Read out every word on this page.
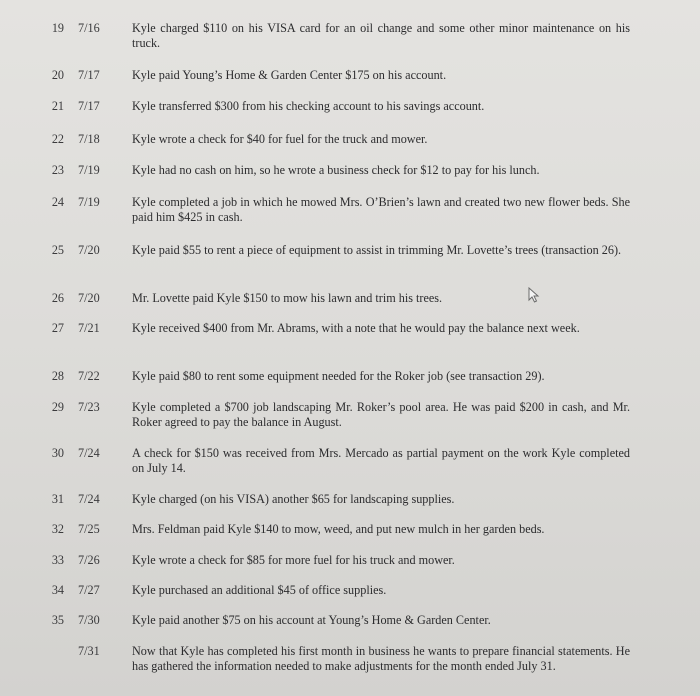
19 7/16	Kyle charged $110 on his VISA card for an oil change and some other minor maintenance on his truck.
20 7/17	Kyle paid Young’s Home & Garden Center $175 on his account.
21 7/17	Kyle transferred $300 from his checking account to his savings account.
22 7/18	Kyle wrote a check for $40 for fuel for the truck and mower.
23 7/19	Kyle had no cash on him, so he wrote a business check for $12 to pay for his lunch.
24 7/19	Kyle completed a job in which he mowed Mrs. O’Brien’s lawn and created two new flower beds. She paid him $425 in cash.
25 7/20	Kyle paid $55 to rent a piece of equipment to assist in trimming Mr. Lovette’s trees (transaction 26).
26 7/20	Mr. Lovette paid Kyle $150 to mow his lawn and trim his trees.
27 7/21	Kyle received $400 from Mr. Abrams, with a note that he would pay the balance next week.
28 7/22	Kyle paid $80 to rent some equipment needed for the Roker job (see transaction 29).
29 7/23	Kyle completed a $700 job landscaping Mr. Roker’s pool area. He was paid $200 in cash, and Mr. Roker agreed to pay the balance in August.
30 7/24	A check for $150 was received from Mrs. Mercado as partial payment on the work Kyle completed on July 14.
31 7/24	Kyle charged (on his VISA) another $65 for landscaping supplies.
32 7/25	Mrs. Feldman paid Kyle $140 to mow, weed, and put new mulch in her garden beds.
33 7/26	Kyle wrote a check for $85 for more fuel for his truck and mower.
34 7/27	Kyle purchased an additional $45 of office supplies.
35 7/30	Kyle paid another $75 on his account at Young’s Home & Garden Center.
7/31	Now that Kyle has completed his first month in business he wants to prepare financial statements. He has gathered the information needed to make adjustments for the month ended July 31.
